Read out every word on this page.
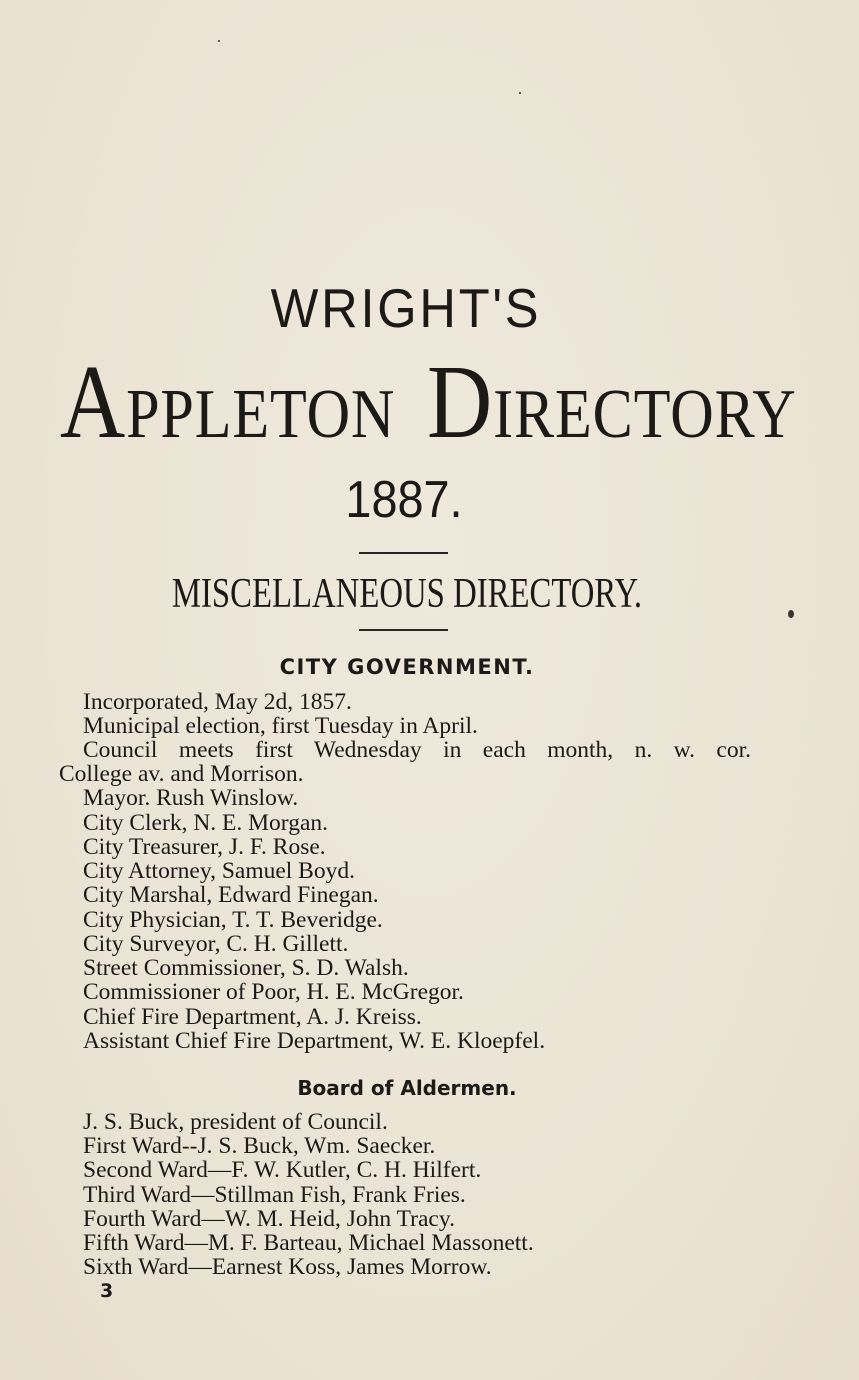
WRIGHT'S
APPLETON DIRECTORY
1887.
MISCELLANEOUS DIRECTORY.
CITY GOVERNMENT.
Incorporated, May 2d, 1857.
Municipal election, first Tuesday in April.
Council meets first Wednesday in each month, n. w. cor.
College av. and Morrison.
Mayor. Rush Winslow.
City Clerk, N. E. Morgan.
City Treasurer, J. F. Rose.
City Attorney, Samuel Boyd.
City Marshal, Edward Finegan.
City Physician, T. T. Beveridge.
City Surveyor, C. H. Gillett.
Street Commissioner, S. D. Walsh.
Commissioner of Poor, H. E. McGregor.
Chief Fire Department, A. J. Kreiss.
Assistant Chief Fire Department, W. E. Kloepfel.
Board of Aldermen.
J. S. Buck, president of Council.
First Ward--J. S. Buck, Wm. Saecker.
Second Ward—F. W. Kutler, C. H. Hilfert.
Third Ward—Stillman Fish, Frank Fries.
Fourth Ward—W. M. Heid, John Tracy.
Fifth Ward—M. F. Barteau, Michael Massonett.
Sixth Ward—Earnest Koss, James Morrow.
3
